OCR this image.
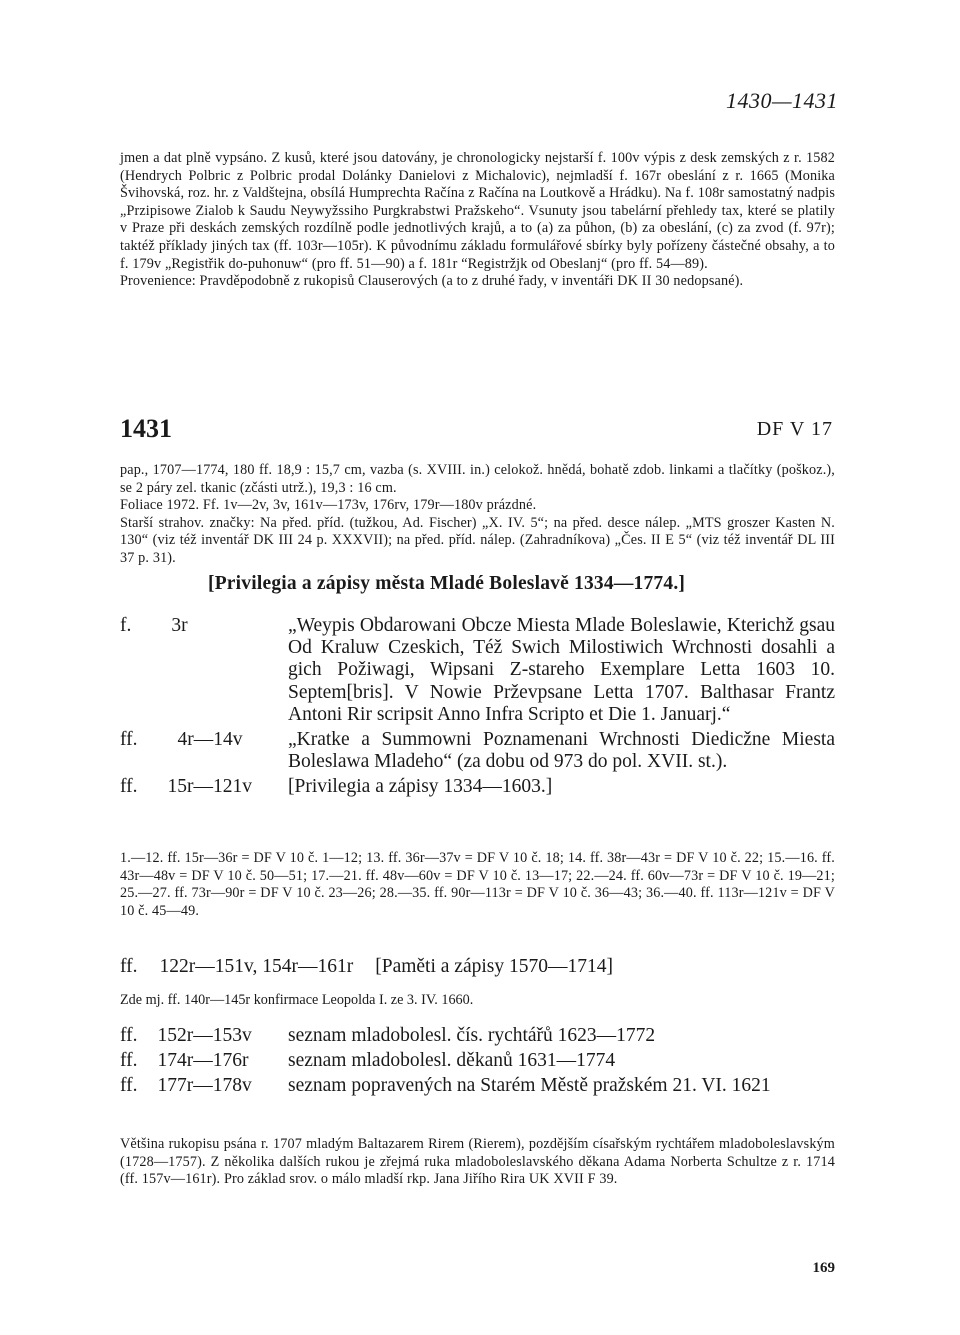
1430—1431

jmen a dat plně vypsáno. Z kusů, které jsou datovány, je chronologicky nejstarší f. 100v výpis z desk zemských z r. 1582 (Hendrych Polbric z Polbric prodal Dolánky Danielovi z Michalovic), nejmladší f. 167r obeslání z r. 1665 (Monika Švihovská, roz. hr. z Valdštejna, obsílá Humprechta Račína z Račína na Loutkově a Hrádku). Na f. 108r samostatný nadpis „Przipisowe Zialob k Saudu Neywyžssiho Purgkrabstwi Pražskeho“. Vsunuty jsou tabelární přehledy tax, které se platily v Praze při deskách zemských rozdílně podle jednotlivých krajů, a to (a) za půhon, (b) za obeslání, (c) za zvod (f. 97r); taktéž příklady jiných tax (ff. 103r—105r). K původnímu základu formulářové sbírky byly pořízeny částečné obsahy, a to f. 179v „Registřik do-puhonuw“ (pro ff. 51—90) a f. 181r “Registržjk od Obeslanj“ (pro ff. 54—89).

Provenience: Pravděpodobně z rukopisů Clauserových (a to z druhé řady, v inventáři DK II 30 nedopsané).

1431	DF V 17

pap., 1707—1774, 180 ff. 18,9 : 15,7 cm, vazba (s. XVIII. in.) celokož. hnědá, bohatě zdob. linkami a tlačítky (poškoz.), se 2 páry zel. tkanic (zčásti utrž.), 19,3 : 16 cm.

Foliace 1972. Ff. 1v—2v, 3v, 161v—173v, 176rv, 179r—180v prázdné.

Starší strahov. značky: Na před. příd. (tužkou, Ad. Fischer) „X. IV. 5“; na před. desce nálep. „MTS groszer Kasten N. 130“ (viz též inventář DK III 24 p. XXXVII); na před. příd. nálep. (Zahradníkova) „Čes. II E 5“ (viz též inventář DL III 37 p. 31).

[Privilegia a zápisy města Mladé Boleslavě 1334—1774.]
f. 3r	„Weypis Obdarowani Obcze Miesta Mlade Boleslawie, Kterichž gsau Od Kraluw Czeskich, Též Swich Milostiwich Wrchnosti dosahli a gich Požiwagi, Wipsani Z-stareho Exemplare Letta 1603 10. Septem[bris]. V Nowie Prževpsane Letta 1707. Balthasar Frantz Antoni Rir scripsit Anno Infra Scripto et Die 1. Januarj.“
ff. 4r—14v „Kratke a Summowni Poznamenani Wrchnosti Diedicžne Miesta Boleslawa Mladeho“ (za dobu od 973 do pol. XVII. st.).
ff. 15r—121v [Privilegia a zápisy 1334—1603.]

1.—12. ff. 15r—36r = DF V 10 č. 1—12; 13. ff. 36r—37v = DF V 10 č. 18; 14. ff. 38r—43r = DF V 10 č. 22; 15.—16. ff. 43r—48v = DF V 10 č. 50—51; 17.—21. ff. 48v—60v = DF V 10 č. 13—17; 22.—24. ff. 60v—73r = DF V 10 č. 19—21; 25.—27. ff. 73r—90r = DF V 10 č. 23—26; 28.—35. ff. 90r—113r = DF V 10 č. 36—43; 36.—40. ff. 113r—121v = DF V 10 č. 45—49.

ff. 122r—151v, 154r—161r [Paměti a zápisy 1570—1714]
Zde mj. ff. 140r—145r konfirmace Leopolda I. ze 3. IV. 1660.
ff. 152r—153v seznam mladobolesl. čís. rychtářů 1623—1772
ff. 174r—176r seznam mladobolesl. děkanů 1631—1774
ff. 177r—178v seznam popravených na Starém Městě pražském 21. VI. 1621

Většina rukopisu psána r. 1707 mladým Baltazarem Rirem (Rierem), pozdějším císařským rychtářem mladoboleslavským (1728—1757). Z několika dalších rukou je zřejmá ruka mladoboleslavského děkana Adama Norberta Schultze z r. 1714 (ff. 157v—161r). Pro základ srov. o málo mladší rkp. Jana Jiřího Rira UK XVII F 39.

169
